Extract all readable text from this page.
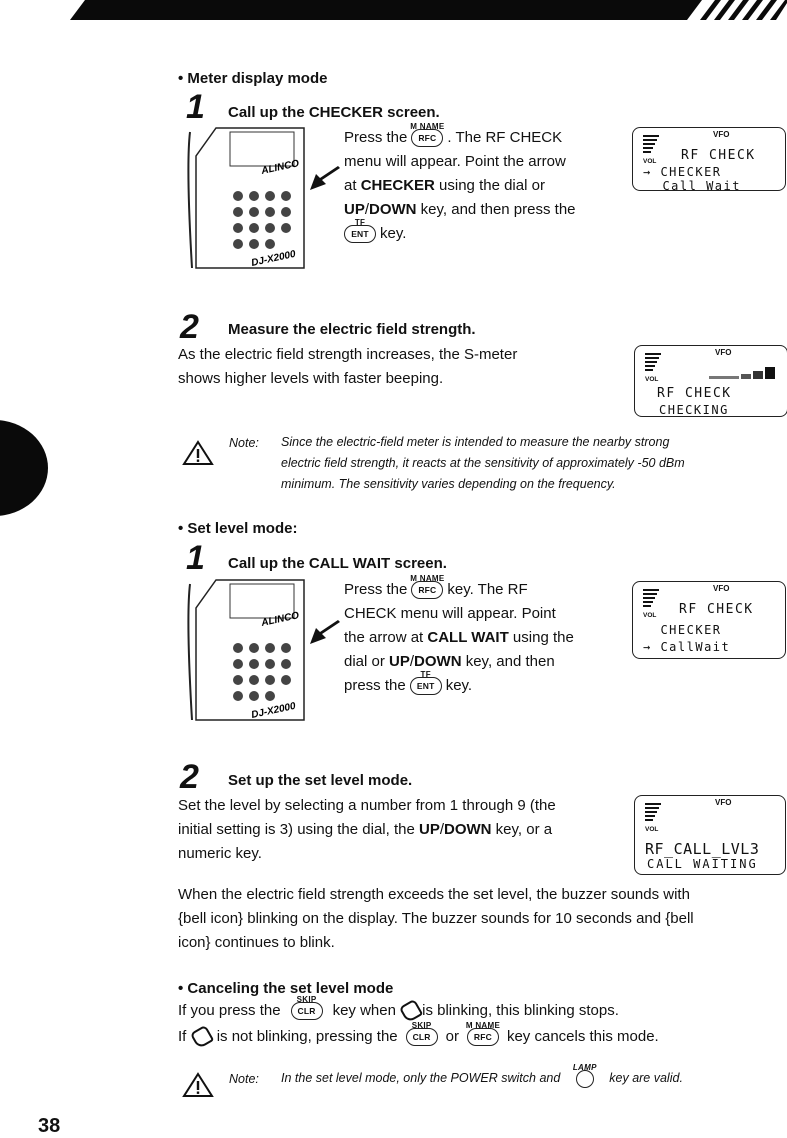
38
• Meter display mode
1 Call up the CHECKER screen.
ALINCO
DJ-X2000
Press the
M NAME
RFC . The RF CHECK
menu will appear. Point the arrow
at CHECKER using the dial or
UP/DOWN key, and then press the
TF
ENT key.
VFO
VOL RF CHECK
→ CHECKER
Call Wait
2 Measure the electric field strength.
As the electric field strength increases, the S-meter
shows higher levels with faster beeping.
VFO
VOL
RF CHECK
CHECKING
Note: Since the electric-field meter is intended to measure the nearby strong
electric field strength, it reacts at the sensitivity of approximately -50 dBm
minimum. The sensitivity varies depending on the frequency.
• Set level mode:
1 Call up the CALL WAIT screen.
ALINCO
DJ-X2000
Press the
M NAME
RFC key. The RF
CHECK menu will appear. Point
the arrow at CALL WAIT using the
dial or UP/DOWN key, and then
press the
TF
ENT key.
VFO
VOL RF CHECK
CHECKER
→ CallWait
2 Set up the set level mode.
Set the level by selecting a number from 1 through 9 (the
initial setting is 3) using the dial, the UP/DOWN key, or a
numeric key.
VFO
VOL
RF_CALL_LVL3
CALL WAITING
When the electric field strength exceeds the set level, the buzzer sounds with
{bell icon} blinking on the display. The buzzer sounds for 10 seconds and {bell
icon} continues to blink.
• Canceling the set level mode
If you press the
SKIP
CLR key when is blinking, this blinking stops.
If is not blinking, pressing the
SKIP
CLR or
M NAME
RFC key cancels this mode.
Note: In the set level mode, only the POWER switch and
LAMP
key are valid.
